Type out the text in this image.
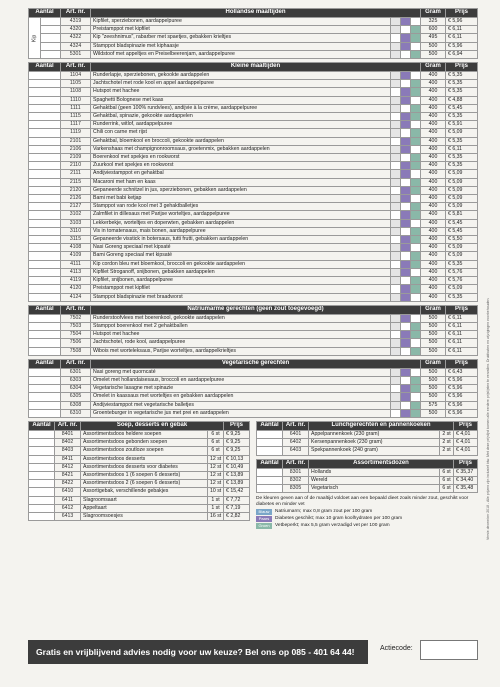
Aantal		Art. nr.	Hollandse maaltijden				Gram	Prijs
Kip		4319	Kipfilet, sperziebonen, aardappelpuree				325	€ 5,96
		4320	Preistamppot met kipfilet				600	€ 6,11
		4322	Kip "zeeshnimus", rabarber met spaetjes, gebakken krieltjes				495	€ 6,11
		4324	Stamppot bladspinazie met kiphaasje				500	€ 5,96
		5301	Wildstoof met appeltjes en Preiselbeerenjam, aardappelpuree				500	€ 6,94
Aantal	Art. nr.	Kleine maaltijden				Gram	Prijs
	1104	Runderlapje, sperziebonen, gekookte aardappelen				400	€ 5,35
	1105	Jachtschotel met rode kool en appel aardappelpuree				400	€ 5,35
	1108	Hutspot met hachee				400	€ 5,35
	1110	Spaghetti Bolognese met kaas				400	€ 4,88
	1111	Gehaktbal (geen 100% rundvlees), andijvie à la crème, aardappelpuree				400	€ 5,45
	1115	Gehaktbal, spinazie, gekookte aardappelen				400	€ 5,35
	1117	Runderrink, witlof, aardappelpuree				400	€ 5,91
	1119	Chili con carne met rijst				400	€ 5,09
	2101	Gehaktbal, bloemkool en broccoli, gekookte aardappelen				400	€ 5,35
	2106	Varkenshaas met champignonroomsaus, groetenmix, gebakken aardappelen				400	€ 6,11
	2109	Boerenkool met spekjes en rookworst				400	€ 5,35
	2110	Zuurkool met spekjes en rookworst				400	€ 5,35
	2111	Andijviestamppot en gehaktbal				400	€ 5,09
	2115	Macaroni met ham en kaas				400	€ 5,09
	2120	Gepaneerde schnitzel in jus, sperziebonen, gebakken aardappelen				400	€ 5,09
	2126	Bami met babi ketjap				400	€ 5,09
	2127	Stamppot van rode kool met 3 gehaktballetjes				400	€ 5,09
	3102	Zalmfilet in dillesaus met Parijse worteltjes, aardappelpuree				400	€ 5,81
	3103	Lekkerbekje, worteltjes en doperwten, gebakken aardappelen				400	€ 5,45
	3110	Vis in tomatensaus, mais bonen, aardappelpuree				400	€ 5,45
	3115	Gepaneerde visstick in botersaus, tutti frutti, gebakken aardappelen				400	€ 5,50
	4108	Nasi Goreng speciaal met kipsaté				400	€ 5,09
	4109	Bami Goreng speciaal met kipsaté				400	€ 5,09
	4111	Kip cordon bleu met bloemkool, broccoli en gekookte aardappelen				400	€ 5,35
	4113	Kipfilet Stroganoff, snijbonen, gebakken aardappelen				400	€ 5,76
	4119	Kipfilet, snijbonen, aardappelpuree				400	€ 5,76
	4120	Preistamppot met kipfilet				400	€ 5,09
	4124	Stamppot bladspinazie met braadworst				400	€ 5,35
Aantal	Art. nr.	Natriumarme gerechten (geen zout toegevoegd)				Gram	Prijs
	7502	Runderstoofvlees met boerenkool, gekookte aardappelen				500	€ 6,11
	7503	Stamppot boerenkool met 2 gehaktballen				500	€ 6,11
	7504	Hutspot met hachee				500	€ 6,11
	7506	Jachtschotel, rode kool, aardappelpuree				500	€ 6,11
	7508	Wibois met worteleksaus, Parijse worteltjes, aardappelkrieltjes				500	€ 6,11
Aantal	Art. nr.	Vegetarische gerechten				Gram	Prijs
	6301	Nasi goreng met quorncaté				500	€ 6,43
	6303	Omelet met hollandaisesaus, broccoli en aardappelpuree				500	€ 5,96
	6304	Vegetarische lasagne met spinazie				500	€ 5,96
	6305	Omelet in kaassaus met worteltjes en gebakken aardappelen				500	€ 5,96
	6308	Andijviestamppot met vegetarische balletjes				575	€ 5,96
	6310	Groenteburger in vegetarische jus met prei en aardappelen				500	€ 5,96
Aantal	Art. nr.	Soep, desserts en gebak		Prijs
	8401	Assortimentsdoos heldere soepen	6 st	€ 9,25
	8402	Assortimentsdoos gebonden soepen	6 st	€ 9,25
	8403	Assortimentsdoos zoutloze soepen	6 st	€ 9,25
	8411	Assortimentsdoos desserts	12 st	€ 10,13
	8412	Assortimentsdoos desserts voor diabetes	12 st	€ 10,49
	8421	Assortimentsdoos 1 (6 soepen 6 desserts)	12 st	€ 13,89
	8422	Assortimentsdoos 2 (6 soepen 6 desserts)	12 st	€ 13,89
	6410	Assortigebak, verschillende gebakjes	10 st	€ 15,42
	6411	Slagroomsaart	1 st	€ 7,72
	6412	Appeltaart	1 st	€ 7,19
	6413	Slagroomsoesjes	16 st	€ 2,82
Aantal	Art. nr.	Lunchgerechten en pannenkoeken		Prijs
	6401	Appelpannenkoek (230 gram)	2 st	€ 4,01
	6402	Kersenpannenkoek (230 gram)	2 st	€ 4,01
	6403	Spekpannenkoek (240 gram)	2 st	€ 4,01
Aantal	Art. nr.	Assortimentsdozen		Prijs
	8301	Hollands	6 st	€ 35,37
	8302	Wereld	6 st	€ 34,40
	8305	Vegetarisch	6 st	€ 35,48
De kleuren geven aan of de maaltijd voldoet aan een bepaald dieet zoals minder zout, geschikt voor diabetes en minder vet
Blauw	Natriumarm; max 0,8 gram zout per 100 gram
Paars	Diabetes geschikt; max 10 gram koolhydraten per 100 gram
Groen	Vetbeperkt; max 5,5 gram verzadigd vet per 100 gram
Gratis en vrijblijvend advies nodig voor uw keuze? Bel ons op 085 - 401 64 44!	Actiecode:
Versie december 2018 - Alle prijzen zijn inclusief btw. Met deze prijslijst komen alle eerdere prijslijsten te vervallen. Drukfouten en wijzigingen voorbehouden.
